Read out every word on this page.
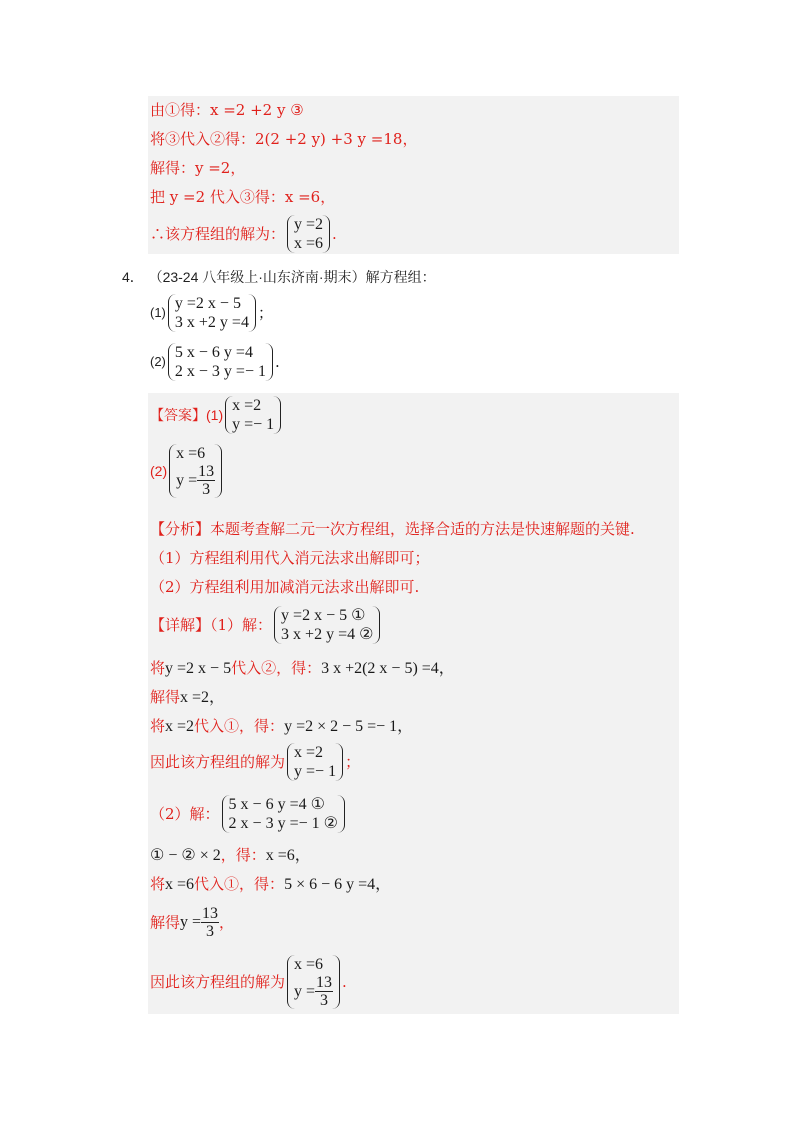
由①得：x =2 +2 y ③
将③代入②得：2(2 +2 y) +3 y =18，
解得：y =2，
把 y =2 代入③得：x =6，
∴该方程组的解为：
y =2
x =6
.
4． （23-24 八年级上·山东济南·期末）解方程组：
(1)
y =2 x − 5
3 x +2 y =4
；
(2)
5 x − 6 y =4
2 x − 3 y =− 1
.
【答案】(1)
x =2
y =− 1
(2)
x =6
$y = \frac{13}{3}$
【分析】本题考查解二元一次方程组，选择合适的方法是快速解题的关键.
（1）方程组利用代入消元法求出解即可；
（2）方程组利用加减消元法求出解即可.
【详解】（1）解：
y =2 x − 5 ①
3 x +2 y =4 ②
将y =2 x − 5代入②，得：3 x +2(2 x − 5) =4，
解得x =2，
将x =2代入①，得：y =2 × 2 − 5 =− 1，
因此该方程组的解为
x =2
y =− 1
；
（2）解：
5 x − 6 y =4 ①
2 x − 3 y =− 1 ②
① − ② × 2，得：x =6，
将x =6代入①，得：5 × 6 − 6 y =4，
解得$y = \frac{13}{3}$ ，
因此该方程组的解为
x =6
$y = \frac{13}{3}$ .
